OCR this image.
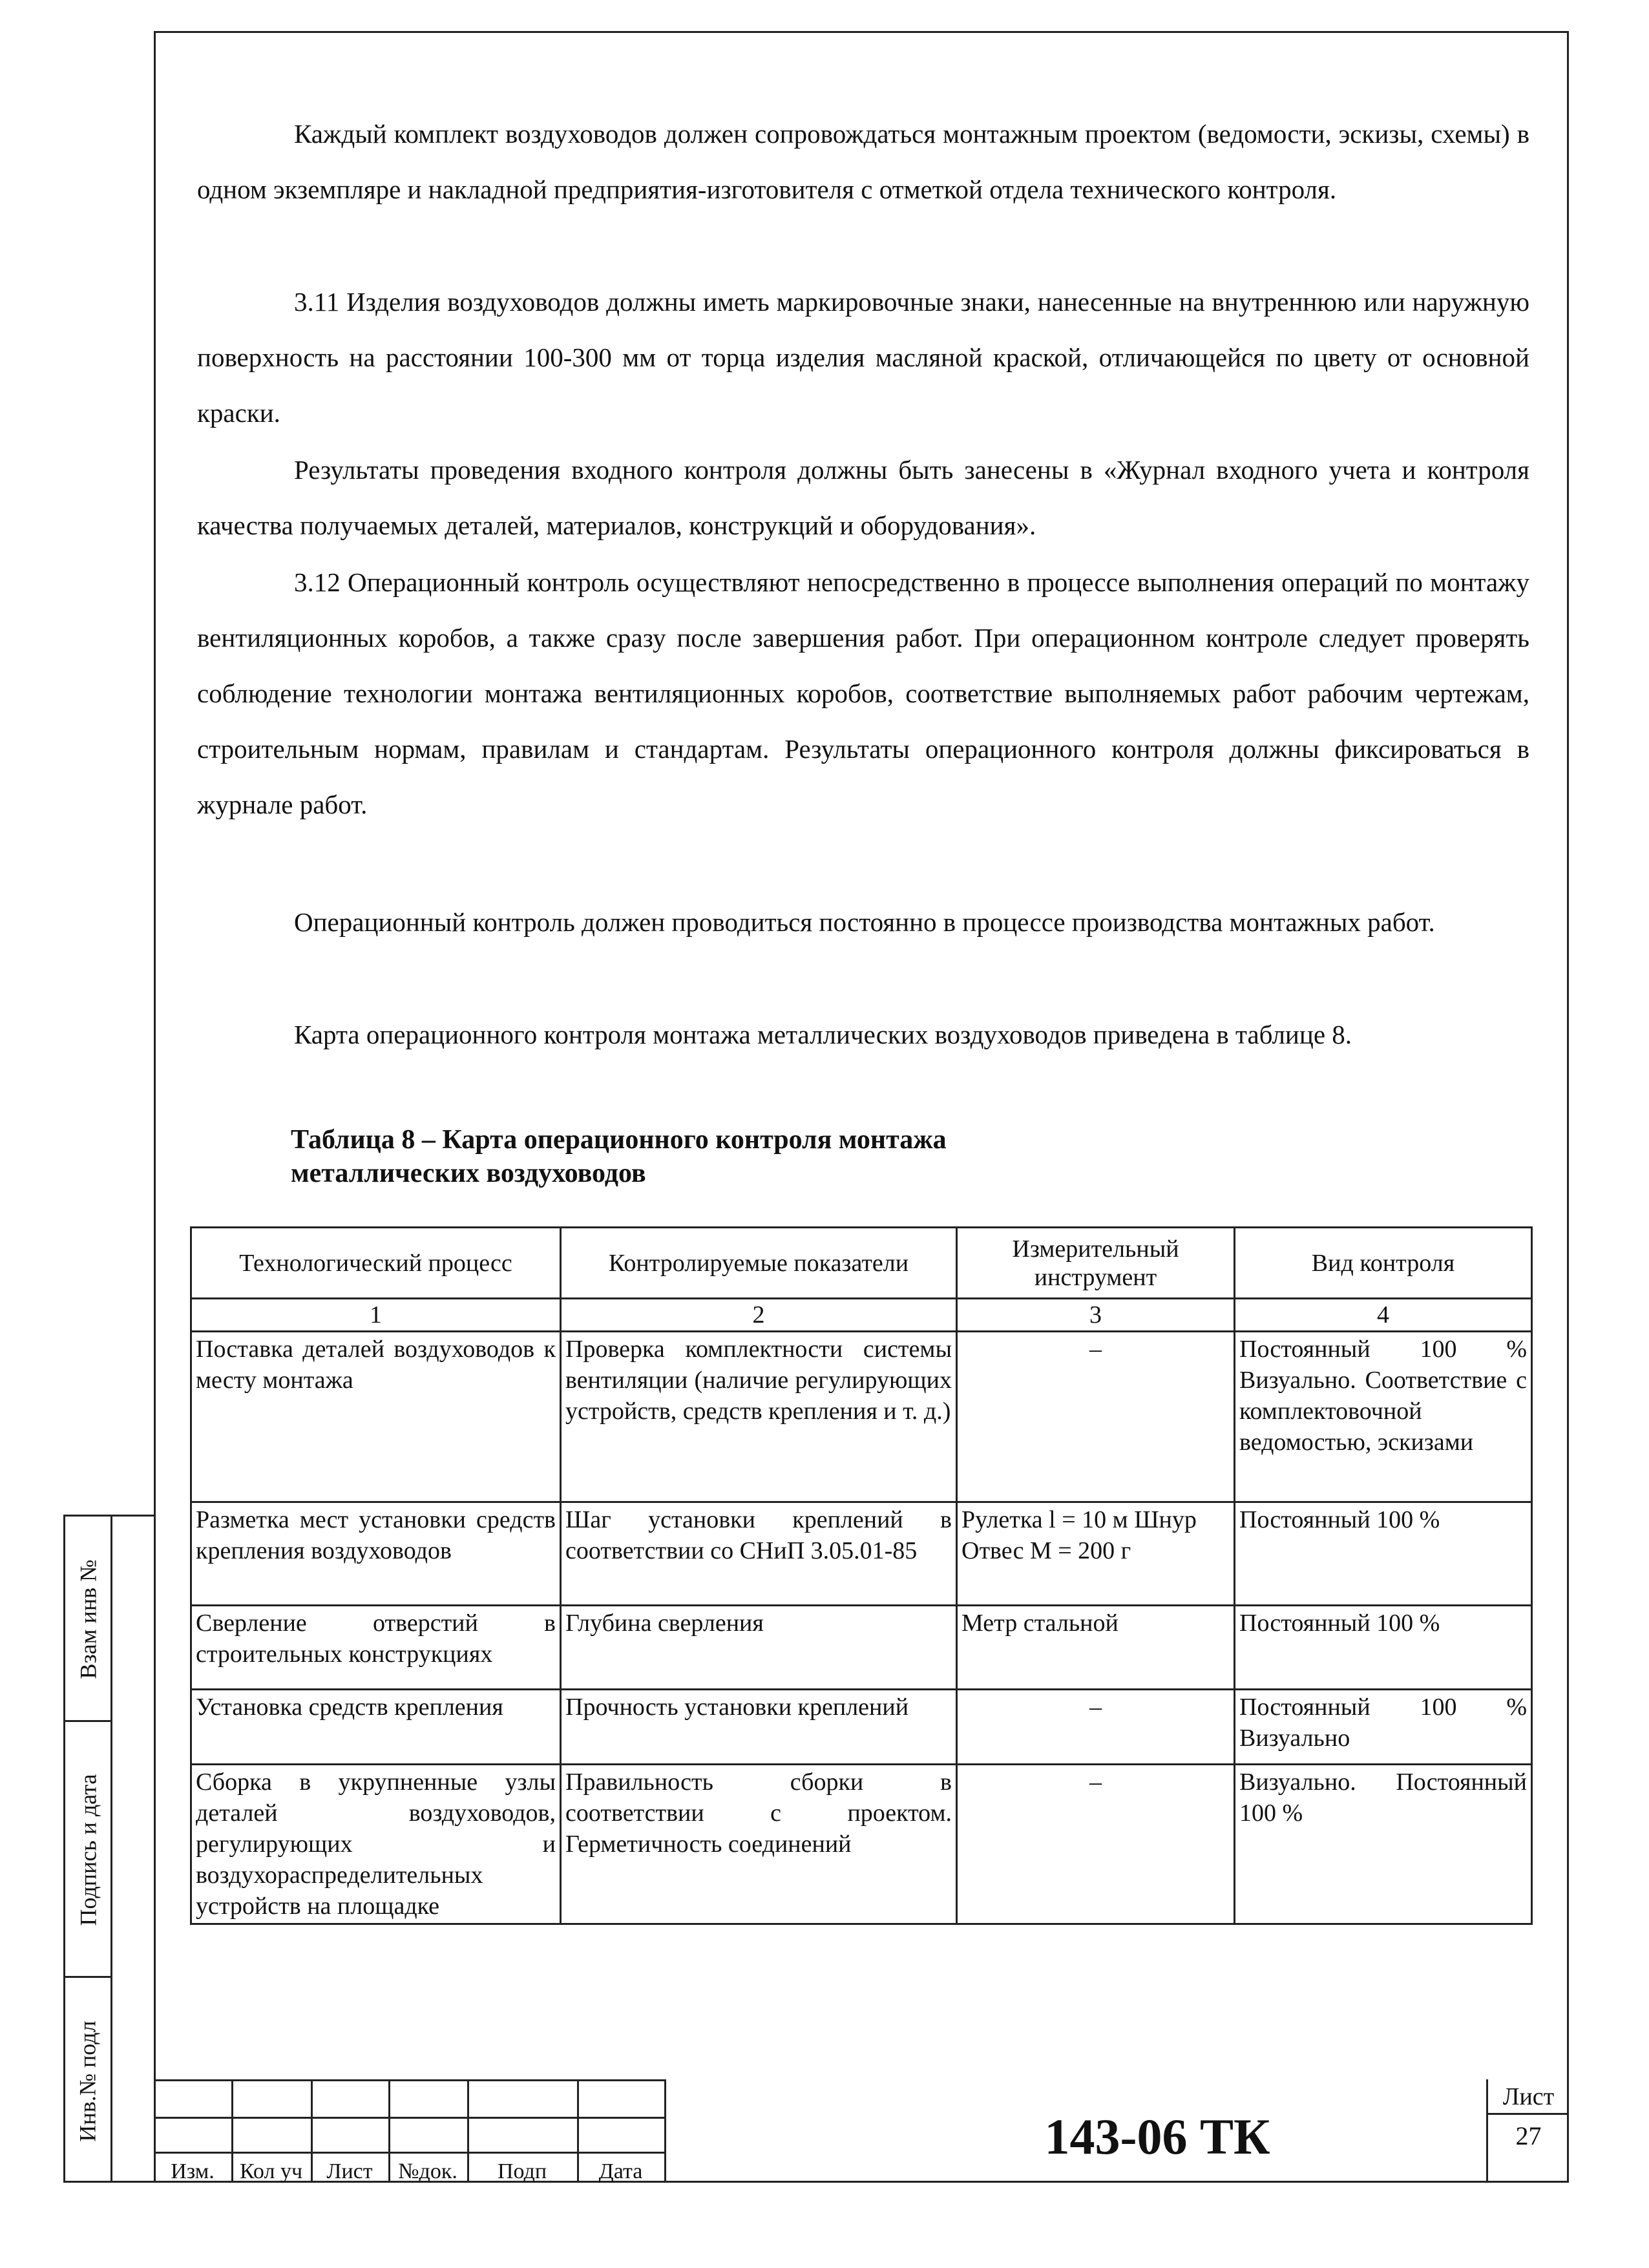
Взам инв №
Подпись и дата
Инв.№ подл

Каждый комплект воздуховодов должен сопровождаться монтажным проектом (ведомости, эскизы, схемы) в одном экземпляре и накладной предприятия-изготовителя с отметкой отдела технического контроля.

3.11 Изделия воздуховодов должны иметь маркировочные знаки, нанесенные на внутреннюю или наружную поверхность на расстоянии 100-300 мм от торца изделия масляной краской, отличающейся по цвету от основной краски.

Результаты проведения входного контроля должны быть занесены в «Журнал входного учета и контроля качества получаемых деталей, материалов, конструкций и оборудования».

3.12 Операционный контроль осуществляют непосредственно в процессе выполнения операций по монтажу вентиляционных коробов, а также сразу после завершения работ. При операционном контроле следует проверять соблюдение технологии монтажа вентиляционных коробов, соответствие выполняемых работ рабочим чертежам, строительным нормам, правилам и стандартам. Результаты операционного контроля должны фиксироваться в журнале работ.

Операционный контроль должен проводиться постоянно в процессе производства монтажных работ.

Карта операционного контроля монтажа металлических воздуховодов приведена в таблице 8.

Таблица 8 – Карта операционного контроля монтажа
металлических воздуховодов

Технологический процесс	Контролируемые показатели	Измерительный инструмент	Вид контроля
1	2	3	4
Поставка деталей воздуховодов к месту монтажа	Проверка комплектности системы вентиляции (наличие регулирующих устройств, средств крепления и т. д.)	–	Постоянный 100 % Визуально. Соответствие с комплектовочной ведомостью, эскизами
Разметка мест установки средств крепления воздуховодов	Шаг установки креплений в соответствии со СНиП 3.05.01-85	Рулетка l = 10 м Шнур Отвес M = 200 г	Постоянный 100 %
Сверление отверстий в строительных конструкциях	Глубина сверления	Метр стальной	Постоянный 100 %
Установка средств крепления	Прочность установки креплений	–	Постоянный 100 % Визуально
Сборка в укрупненные узлы деталей воздуховодов, регулирующих и воздухораспределительных устройств на площадке	Правильность сборки в соответствии с проектом. Герметичность соединений	–	Визуально. Постоянный 100 %
Изм.	Кол уч	Лист	№док.	Подп	Дата
143-06 ТК
Лист
27
